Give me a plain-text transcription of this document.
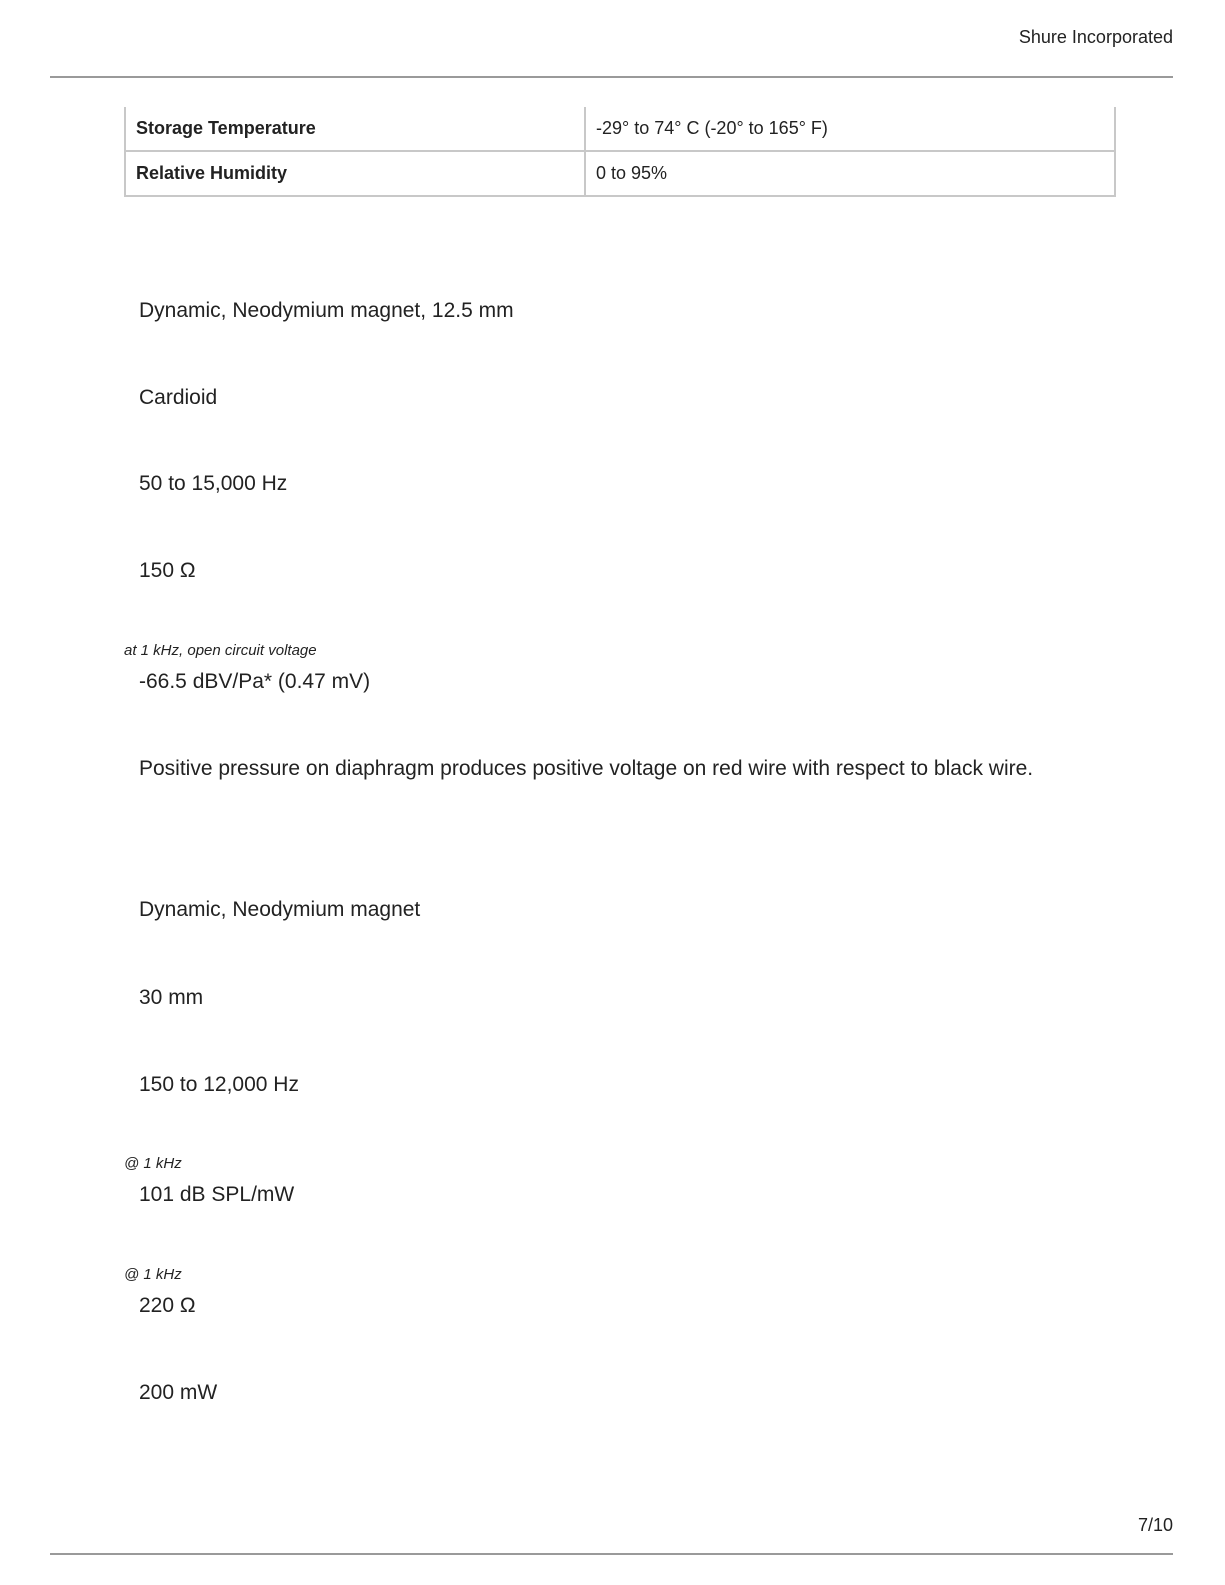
Shure Incorporated
Storage Temperature	-29° to 74° C (-20° to 165° F)
Relative Humidity	0 to 95%
Dynamic, Neodymium magnet, 12.5 mm
Cardioid
50 to 15,000 Hz
150 Ω
at 1 kHz, open circuit voltage
-66.5 dBV/Pa* (0.47 mV)
Positive pressure on diaphragm produces positive voltage on red wire with respect to black wire.
Dynamic, Neodymium magnet
30 mm
150 to 12,000 Hz
@ 1 kHz
101 dB SPL/mW
@ 1 kHz
220 Ω
200 mW
7/10
